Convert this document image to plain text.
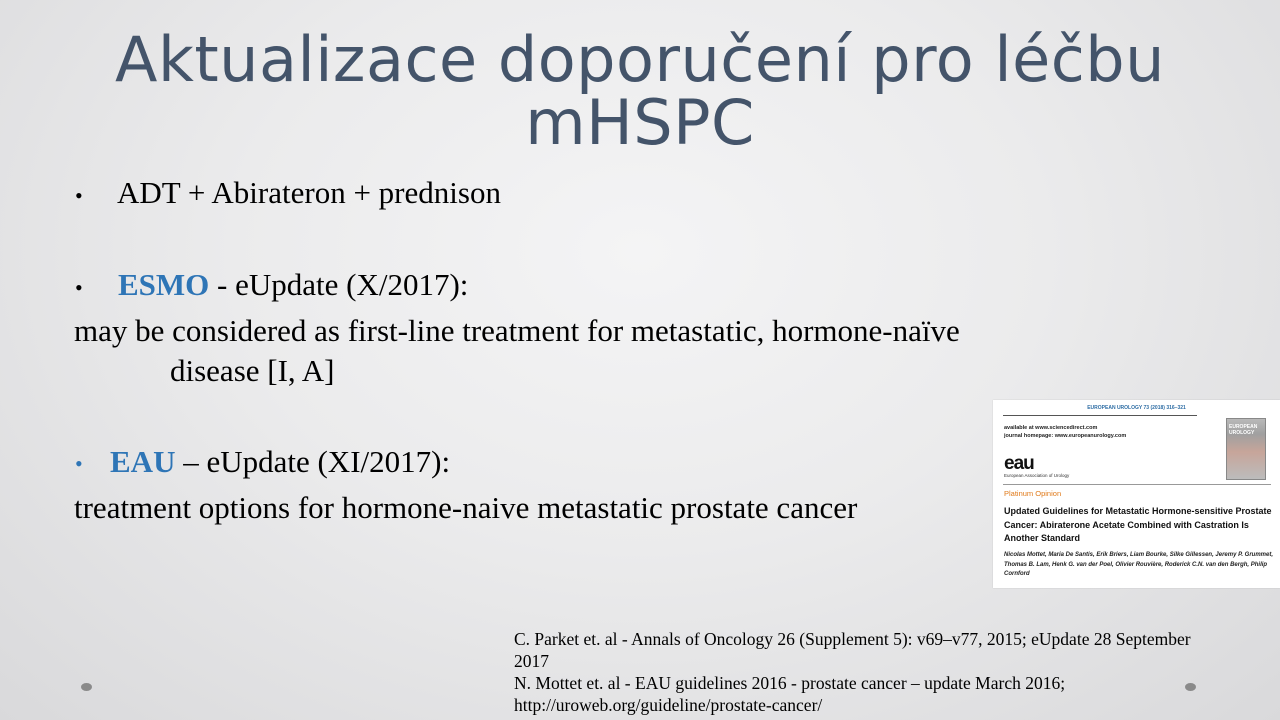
Aktualizace doporučení pro léčbu mHSPC
• ADT + Abirateron + prednison
• ESMO - eUpdate (X/2017):
may be considered as first-line treatment for metastatic, hormone-naïve
disease [I, A]
• EAU – eUpdate (XI/2017):
treatment options for hormone-naive metastatic prostate cancer
EUROPEAN UROLOGY 73 (2018) 316–321
available at www.sciencedirect.com
journal homepage: www.europeanurology.com
eau
European Association of Urology
EUROPEAN UROLOGY
Platinum Opinion
Updated Guidelines for Metastatic Hormone-sensitive Prostate Cancer: Abiraterone Acetate Combined with Castration Is Another Standard
Nicolas Mottet, Maria De Santis, Erik Briers, Liam Bourke, Silke Gillessen, Jeremy P. Grummet, Thomas B. Lam, Henk G. van der Poel, Olivier Rouvière, Roderick C.N. van den Bergh, Philip Cornford
C. Parket et. al - Annals of Oncology 26 (Supplement 5): v69–v77, 2015; eUpdate 28 September 2017
N. Mottet et. al - EAU guidelines 2016 - prostate cancer – update March 2016; http://uroweb.org/guideline/prostate-cancer/
